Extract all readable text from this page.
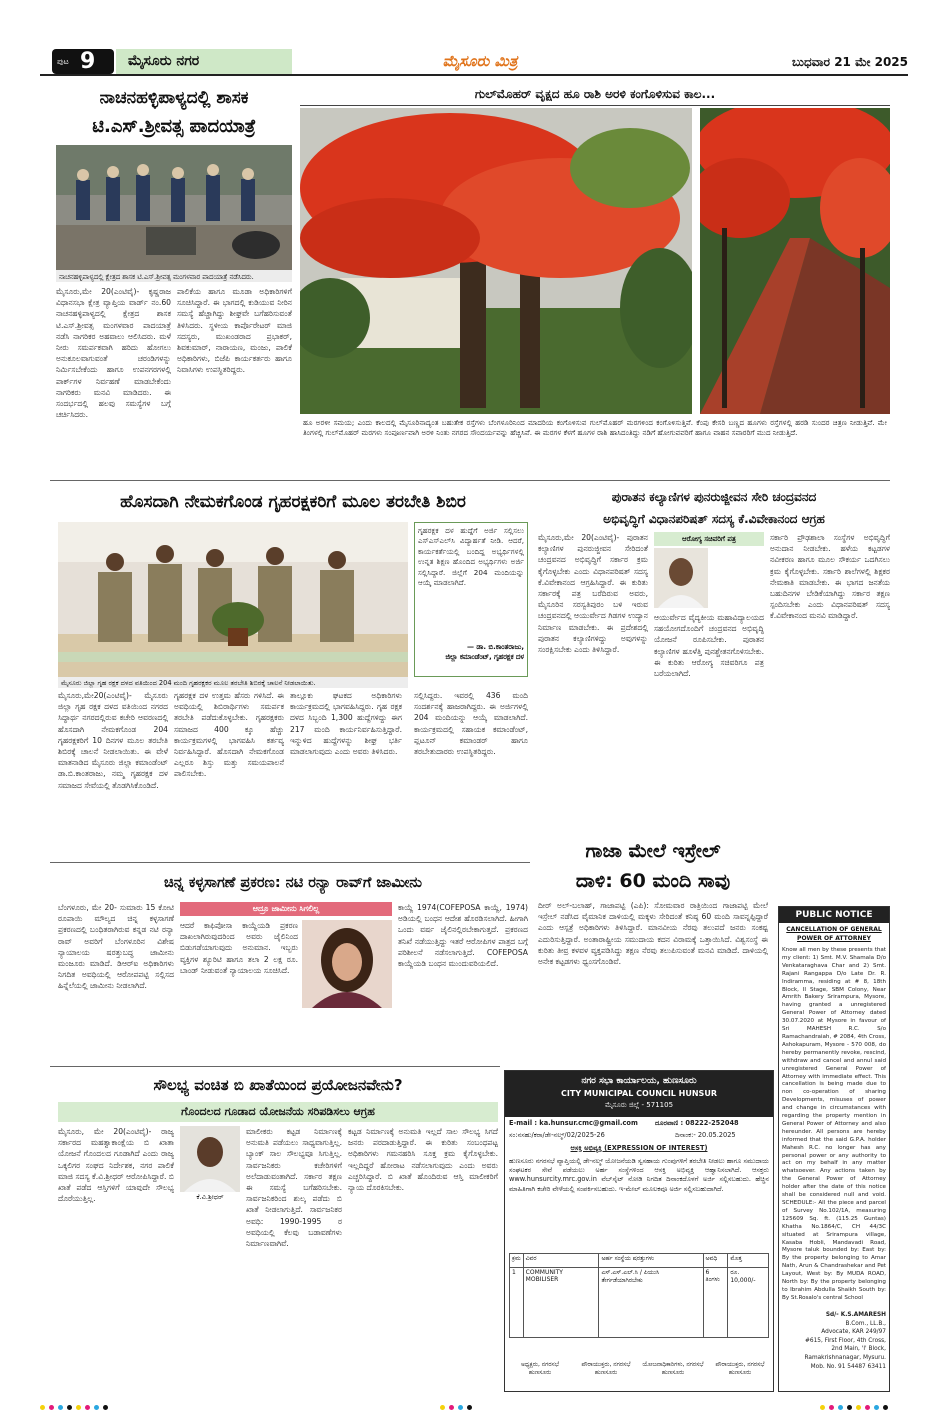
ಪುಟ 9	ಮೈಸೂರು ನಗರ	ಮೈಸೂರು ಮಿತ್ರ	ಬುಧವಾರ 21 ಮೇ 2025
ನಾಚನಹಳ್ಳಿಪಾಳ್ಯದಲ್ಲಿ ಶಾಸಕ
ಟಿ.ಎಸ್.ಶ್ರೀವತ್ಸ ಪಾದಯಾತ್ರೆ
ನಾಚನಹಳ್ಳಿಪಾಳ್ಯದಲ್ಲಿ ಕ್ಷೇತ್ರದ ಶಾಸಕ ಟಿ.ಎಸ್.ಶ್ರೀವತ್ಸ ಮಂಗಳವಾರ ಪಾದಯಾತ್ರೆ ನಡೆಸಿದರು.
ಮೈಸೂರು,ಮೇ 20(ಎಂಟಿವೈ)- ಕೃಷ್ಣರಾಜ ವಿಧಾನಸಭಾ ಕ್ಷೇತ್ರ ವ್ಯಾಪ್ತಿಯ ವಾರ್ಡ್ ನಂ.60 ನಾಚನಹಳ್ಳಿಪಾಳ್ಯದಲ್ಲಿ ಕ್ಷೇತ್ರದ ಶಾಸಕ ಟಿ.ಎಸ್.ಶ್ರೀವತ್ಸ ಮಂಗಳವಾರ ಪಾದಯಾತ್ರೆ ನಡೆಸಿ ನಾಗರಿಕರ ಅಹವಾಲು ಆಲಿಸಿದರು. ಮಳೆ ನೀರು ಸಮರ್ಪಕವಾಗಿ ಹರಿದು ಹೋಗಲು ಅನುಕೂಲವಾಗುವಂತೆ ಚರಂಡಿಗಳನ್ನು ನಿರ್ಮಿಸಬೇಕೆಂದು ಹಾಗೂ ಉಪನಗರಗಳಲ್ಲಿ ಪಾರ್ಕ್‌ಗಳ ನಿರ್ವಹಣೆ ಮಾಡಬೇಕೆಂದು ನಾಗರಿಕರು ಮನವಿ ಮಾಡಿದರು. ಈ ಸಂದರ್ಭದಲ್ಲಿ ಹಲವು ಸಮಸ್ಯೆಗಳ ಬಗ್ಗೆ ಚರ್ಚಿಸಿದರು.
ಪಾಲಿಕೆಯ ಹಾಗೂ ಮೂಡಾ ಅಧಿಕಾರಿಗಳಿಗೆ ಸೂಚಿಸಿದ್ದಾರೆ. ಈ ಭಾಗದಲ್ಲಿ ಕುಡಿಯುವ ನೀರಿನ ಸಮಸ್ಯೆ ಹೆಚ್ಚಾಗಿದ್ದು ಶೀಘ್ರವೇ ಬಗೆಹರಿಸುವಂತೆ ತಿಳಿಸಿದರು. ಸ್ಥಳೀಯ ಕಾರ್ಪೊರೇಟರ್ ಮಾಜಿ ಸದಸ್ಯರು, ಮುಖಂಡರಾದ ಪ್ರಭಾಕರ್, ಶಿವಕುಮಾರ್, ನಾರಾಯಣ, ಮಂಜು, ಪಾಲಿಕೆ ಅಧಿಕಾರಿಗಳು, ಬಿಜೆಪಿ ಕಾರ್ಯಕರ್ತರು ಹಾಗೂ ನಿವಾಸಿಗಳು ಉಪಸ್ಥಿತರಿದ್ದರು.
ಗುಲ್‌ಮೊಹರ್ ವೃಕ್ಷದ ಹೂ ರಾಶಿ ಅರಳಿ ಕಂಗೊಳಿಸುವ ಕಾಲ...
ಹೂ ಅರಳೀ ಸಮಯ; ಎಂದು ಕಾಲದಲ್ಲಿ ಮೈಸೂರಿನಾದ್ಯಂತ ಬಹುತೇಕ ರಸ್ತೆಗಳು ಬೆಂಗಳೂರಿನಿಂದ ಮಾದರಿಯ ಕಂಗೊಳಿಸುವ ಗುಲ್‌ಮೊಹರ್ ಮರಗಳಿಂದ ಕಂಗೊಳಿಸುತ್ತಿವೆ. ಕೆಂಪು ಕೇಸರಿ ಬಣ್ಣದ ಹೂಗಳು ರಸ್ತೆಗಳಲ್ಲಿ ಹರಡಿ ಸುಂದರ ಚಿತ್ರಣ ನೀಡುತ್ತಿವೆ. ಮೇ ತಿಂಗಳಲ್ಲಿ ಗುಲ್‌ಮೊಹರ್ ಮರಗಳು ಸಂಪೂರ್ಣವಾಗಿ ಅರಳಿ ನಿಂತು ನಗರದ ಸೌಂದರ್ಯವನ್ನು ಹೆಚ್ಚಿಸಿವೆ. ಈ ಮರಗಳ ಕೆಳಗೆ ಹೂಗಳ ರಾಶಿ ಹಾಸಿದಂತಿದ್ದು ನಡಿಗೆ ಹೋಗುವವರಿಗೆ ಹಾಗೂ ವಾಹನ ಸವಾರರಿಗೆ ಮುದ ನೀಡುತ್ತಿದೆ.
ಹೊಸದಾಗಿ ನೇಮಕಗೊಂಡ ಗೃಹರಕ್ಷಕರಿಗೆ ಮೂಲ ತರಬೇತಿ ಶಿಬಿರ
ಮೈಸೂರು ಜಿಲ್ಲಾ ಗೃಹ ರಕ್ಷಕ ದಳದ ವತಿಯಿಂದ 204 ಮಂದಿ ಗೃಹರಕ್ಷಕರ ಮೂಲ ತರಬೇತಿ ಶಿಬಿರಕ್ಕೆ ಚಾಲನೆ ನೀಡಲಾಯಿತು.
ಗೃಹರಕ್ಷಕ ದಳ ಹುದ್ದೆಗೆ ಅರ್ಜಿ ಸಲ್ಲಿಸಲು ಎಸ್‌ಎಸ್‌ಎಲ್‌ಸಿ ವಿದ್ಯಾರ್ಹತೆ ನೀಡಿ. ಆದರೆ, ಕಾರ್ಯಕರ್ತೆಯಲ್ಲಿ ಬಂದಿದ್ದ ಅಭ್ಯರ್ಥಿಗಳಲ್ಲಿ ಉನ್ನತ ಶಿಕ್ಷಣ ಹೊಂದಿದ ಅಭ್ಯರ್ಥಿಗಳು ಅರ್ಜಿ ಸಲ್ಲಿಸಿದ್ದಾರೆ. ಜಿಲ್ಲೆಗೆ 204 ಮಂದಿಯನ್ನು ಆಯ್ಕೆ ಮಾಡಲಾಗಿದೆ.
— ಡಾ. ಬಿ.ಕಾಂತರಾಜು,
ಜಿಲ್ಲಾ ಕಮಾಂಡೆಂಟ್, ಗೃಹರಕ್ಷಕ ದಳ
ಮೈಸೂರು,ಮೇ20(ಎಂಟಿವೈ)- ಮೈಸೂರು ಜಿಲ್ಲಾ ಗೃಹ ರಕ್ಷಕ ದಳದ ವತಿಯಿಂದ ನಗರದ ಸಿದ್ಧಾರ್ಥ ನಗರದಲ್ಲಿರುವ ಕಚೇರಿ ಆವರಣದಲ್ಲಿ ಹೊಸದಾಗಿ ನೇಮಕಗೊಂಡ 204 ಗೃಹರಕ್ಷಕರಿಗೆ 10 ದಿನಗಳ ಮೂಲ ತರಬೇತಿ ಶಿಬಿರಕ್ಕೆ ಚಾಲನೆ ನೀಡಲಾಯಿತು. ಈ ವೇಳೆ ಮಾತನಾಡಿದ ಮೈಸೂರು ಜಿಲ್ಲಾ ಕಮಾಂಡೆಂಟ್ ಡಾ.ಬಿ.ಕಾಂತರಾಜು, ನಮ್ಮ ಗೃಹರಕ್ಷಕ ದಳ ಸಮಾಜದ ಸೇವೆಯಲ್ಲಿ ತೊಡಗಿಸಿಕೊಂಡಿದೆ.
ಗೃಹರಕ್ಷಕ ದಳ ಉತ್ತಮ ಹೆಸರು ಗಳಿಸಿದೆ. ಈ ಅವಧಿಯಲ್ಲಿ ಶಿಬಿರಾರ್ಥಿಗಳು ಸಮರ್ಪಕ ತರಬೇತಿ ಪಡೆದುಕೊಳ್ಳಬೇಕು. ಗೃಹರಕ್ಷಕರು ಸಮಾಜದ 400 ಕ್ಕೂ ಹೆಚ್ಚು ಕಾರ್ಯಕ್ರಮಗಳಲ್ಲಿ ಭಾಗವಹಿಸಿ ಕರ್ತವ್ಯ ನಿರ್ವಹಿಸಿದ್ದಾರೆ. ಹೊಸದಾಗಿ ನೇಮಕಗೊಂಡ ಎಲ್ಲರೂ ಶಿಸ್ತು ಮತ್ತು ಸಮಯಪಾಲನೆ ಪಾಲಿಸಬೇಕು.
ತಾಲ್ಲೂಕು ಘಟಕದ ಅಧಿಕಾರಿಗಳು ಕಾರ್ಯಕ್ರಮದಲ್ಲಿ ಭಾಗವಹಿಸಿದ್ದರು. ಗೃಹ ರಕ್ಷಕ ದಳದ ಸಿಬ್ಬಂದಿ 1,300 ಹುದ್ದೆಗಳಿದ್ದು ಈಗ 217 ಮಂದಿ ಕಾರ್ಯನಿರ್ವಹಿಸುತ್ತಿದ್ದಾರೆ. ಇನ್ನುಳಿದ ಹುದ್ದೆಗಳನ್ನು ಶೀಘ್ರ ಭರ್ತಿ ಮಾಡಲಾಗುವುದು ಎಂದು ಅವರು ತಿಳಿಸಿದರು.
ಸಲ್ಲಿಸಿದ್ದರು. ಇವರಲ್ಲಿ 436 ಮಂದಿ ಸಂದರ್ಶನಕ್ಕೆ ಹಾಜರಾಗಿದ್ದರು. ಈ ಅರ್ಜಿಗಳಲ್ಲಿ 204 ಮಂದಿಯನ್ನು ಆಯ್ಕೆ ಮಾಡಲಾಗಿದೆ. ಕಾರ್ಯಕ್ರಮದಲ್ಲಿ ಸಹಾಯಕ ಕಮಾಂಡೆಂಟ್, ಪ್ಲಟೂನ್ ಕಮಾಂಡರ್ ಹಾಗೂ ತರಬೇತುದಾರರು ಉಪಸ್ಥಿತರಿದ್ದರು.
ಪುರಾತನ ಕಲ್ಯಾಣಿಗಳ ಪುನರುಜ್ಜೀವನ ಸೇರಿ ಚಂದ್ರವನದ
ಅಭಿವೃದ್ಧಿಗೆ ವಿಧಾನಪರಿಷತ್ ಸದಸ್ಯ ಕೆ.ವಿವೇಕಾನಂದ ಆಗ್ರಹ
ಮೈಸೂರು,ಮೇ 20(ಎಂಟಿವೈ)- ಪುರಾತನ ಕಲ್ಯಾಣಿಗಳ ಪುನರುಜ್ಜೀವನ ಸೇರಿದಂತೆ ಚಂದ್ರವನದ ಅಭಿವೃದ್ಧಿಗೆ ಸರ್ಕಾರ ಕ್ರಮ ಕೈಗೊಳ್ಳಬೇಕು ಎಂದು ವಿಧಾನಪರಿಷತ್ ಸದಸ್ಯ ಕೆ.ವಿವೇಕಾನಂದ ಆಗ್ರಹಿಸಿದ್ದಾರೆ. ಈ ಕುರಿತು ಸರ್ಕಾರಕ್ಕೆ ಪತ್ರ ಬರೆದಿರುವ ಅವರು, ಮೈಸೂರಿನ ಸರಸ್ವತಿಪುರಂ ಬಳಿ ಇರುವ ಚಂದ್ರವನದಲ್ಲಿ ಆಯುರ್ವೇದ ಗಿಡಗಳ ಉದ್ಯಾನ ನಿರ್ಮಾಣ ಮಾಡಬೇಕು. ಈ ಪ್ರದೇಶದಲ್ಲಿ ಪುರಾತನ ಕಲ್ಯಾಣಿಗಳಿದ್ದು ಅವುಗಳನ್ನು ಸಂರಕ್ಷಿಸಬೇಕು ಎಂದು ತಿಳಿಸಿದ್ದಾರೆ.
ಆರೋಗ್ಯ ಸಚಿವರಿಗೆ ಪತ್ರ
ಆಯುರ್ವೇದ ವೈದ್ಯಕೀಯ ಮಹಾವಿದ್ಯಾಲಯದ ಸಹಯೋಗದೊಂದಿಗೆ ಚಂದ್ರವನದ ಅಭಿವೃದ್ಧಿ ಯೋಜನೆ ರೂಪಿಸಬೇಕು. ಪುರಾತನ ಕಲ್ಯಾಣಿಗಳ ಹೂಳೆತ್ತಿ ಪುನಶ್ಚೇತನಗೊಳಿಸಬೇಕು. ಈ ಕುರಿತು ಆರೋಗ್ಯ ಸಚಿವರಿಗೂ ಪತ್ರ ಬರೆಯಲಾಗಿದೆ.
ಸರ್ಕಾರಿ ಪ್ರೌಢಶಾಲಾ ಸಂಸ್ಥೆಗಳ ಅಭಿವೃದ್ಧಿಗೆ ಅನುದಾನ ನೀಡಬೇಕು. ಹಳೆಯ ಕಟ್ಟಡಗಳ ನವೀಕರಣ ಹಾಗೂ ಮೂಲ ಸೌಕರ್ಯ ಒದಗಿಸಲು ಕ್ರಮ ಕೈಗೊಳ್ಳಬೇಕು. ಸರ್ಕಾರಿ ಶಾಲೆಗಳಲ್ಲಿ ಶಿಕ್ಷಕರ ನೇಮಕಾತಿ ಮಾಡಬೇಕು. ಈ ಭಾಗದ ಜನತೆಯ ಬಹುದಿನಗಳ ಬೇಡಿಕೆಯಾಗಿದ್ದು ಸರ್ಕಾರ ತಕ್ಷಣ ಸ್ಪಂದಿಸಬೇಕು ಎಂದು ವಿಧಾನಪರಿಷತ್ ಸದಸ್ಯ ಕೆ.ವಿವೇಕಾನಂದ ಮನವಿ ಮಾಡಿದ್ದಾರೆ.
ಗಾಜಾ ಮೇಲೆ ಇಸ್ರೇಲ್
ದಾಳಿ: 60 ಮಂದಿ ಸಾವು
ದೀರ್ ಅಲ್-ಬಲಾಹ್, ಗಾಜಾಪಟ್ಟಿ (ಎಪಿ): ಸೋಮವಾರ ರಾತ್ರಿಯಿಂದ ಗಾಜಾಪಟ್ಟಿ ಮೇಲೆ ಇಸ್ರೇಲ್ ನಡೆಸಿದ ವೈಮಾನಿಕ ದಾಳಿಯಲ್ಲಿ ಮಕ್ಕಳು ಸೇರಿದಂತೆ ಕನಿಷ್ಠ 60 ಮಂದಿ ಸಾವನ್ನಪ್ಪಿದ್ದಾರೆ ಎಂದು ಆಸ್ಪತ್ರೆ ಅಧಿಕಾರಿಗಳು ತಿಳಿಸಿದ್ದಾರೆ. ಮಾನವೀಯ ನೆರವು ತಲುಪದೆ ಜನರು ಸಂಕಷ್ಟ ಎದುರಿಸುತ್ತಿದ್ದಾರೆ. ಅಂತಾರಾಷ್ಟ್ರೀಯ ಸಮುದಾಯ ಕದನ ವಿರಾಮಕ್ಕೆ ಒತ್ತಾಯಿಸಿದೆ. ವಿಶ್ವಸಂಸ್ಥೆ ಈ ಕುರಿತು ತೀವ್ರ ಕಳವಳ ವ್ಯಕ್ತಪಡಿಸಿದ್ದು ತಕ್ಷಣ ನೆರವು ತಲುಪಿಸುವಂತೆ ಮನವಿ ಮಾಡಿದೆ. ದಾಳಿಯಲ್ಲಿ ಅನೇಕ ಕಟ್ಟಡಗಳು ಧ್ವಂಸಗೊಂಡಿವೆ.
ಚಿನ್ನ ಕಳ್ಳಸಾಗಣೆ ಪ್ರಕರಣ: ನಟಿ ರನ್ಯಾ ರಾವ್‌ಗೆ ಜಾಮೀನು
ಬೆಂಗಳೂರು, ಮೇ 20- ಸುಮಾರು 15 ಕೋಟಿ ರೂಪಾಯಿ ಮೌಲ್ಯದ ಚಿನ್ನ ಕಳ್ಳಸಾಗಣೆ ಪ್ರಕರಣದಲ್ಲಿ ಬಂಧಿತರಾಗಿರುವ ಕನ್ನಡ ನಟಿ ರನ್ಯಾ ರಾವ್ ಅವರಿಗೆ ಬೆಂಗಳೂರಿನ ವಿಶೇಷ ನ್ಯಾಯಾಲಯ ಷರತ್ತುಬದ್ಧ ಜಾಮೀನು ಮಂಜೂರು ಮಾಡಿದೆ. ಡಿಆರ್‌ಐ ಅಧಿಕಾರಿಗಳು ನಿಗದಿತ ಅವಧಿಯಲ್ಲಿ ಆರೋಪಪಟ್ಟಿ ಸಲ್ಲಿಸದ ಹಿನ್ನೆಲೆಯಲ್ಲಿ ಜಾಮೀನು ನೀಡಲಾಗಿದೆ.
ಆದ್ರೂ ಜಾಮೀನು ಸಿಗಲಿಲ್ಲ
ಆದರೆ ಕಾಫಿಪೋಸಾ ಕಾಯ್ದೆಯಡಿ ಪ್ರಕರಣ ದಾಖಲಾಗಿರುವುದರಿಂದ ಅವರು ಜೈಲಿನಿಂದ ಬಿಡುಗಡೆಯಾಗುವುದು ಅನುಮಾನ. ಇಬ್ಬರು ವ್ಯಕ್ತಿಗಳ ಶ್ಯೂರಿಟಿ ಹಾಗೂ ತಲಾ 2 ಲಕ್ಷ ರೂ. ಬಾಂಡ್ ನೀಡುವಂತೆ ನ್ಯಾಯಾಲಯ ಸೂಚಿಸಿದೆ.
ಕಾಯ್ದೆ 1974(COFEPOSA ಕಾಯ್ದೆ, 1974) ಅಡಿಯಲ್ಲಿ ಬಂಧನ ಆದೇಶ ಹೊರಡಿಸಲಾಗಿದೆ. ಹೀಗಾಗಿ ಒಂದು ವರ್ಷ ಜೈಲಿನಲ್ಲಿರಬೇಕಾಗುತ್ತದೆ. ಪ್ರಕರಣದ ತನಿಖೆ ನಡೆಯುತ್ತಿದ್ದು ಇತರೆ ಆರೋಪಿಗಳ ಪಾತ್ರದ ಬಗ್ಗೆ ಪರಿಶೀಲನೆ ನಡೆಸಲಾಗುತ್ತಿದೆ. COFEPOSA ಕಾಯ್ದೆಯಡಿ ಬಂಧನ ಮುಂದುವರಿಯಲಿದೆ.
ಸೌಲಭ್ಯ ವಂಚಿತ ಬಿ ಖಾತೆಯಿಂದ ಪ್ರಯೋಜನವೇನು?
ಗೊಂದಲದ ಗೂಡಾದ ಯೋಜನೆಯ ಸರಿಪಡಿಸಲು ಆಗ್ರಹ
ಮೈಸೂರು, ಮೇ 20(ಎಂಟಿವೈ)- ರಾಜ್ಯ ಸರ್ಕಾರದ ಮಹತ್ವಾಕಾಂಕ್ಷೆಯ ಬಿ ಖಾತಾ ಯೋಜನೆ ಗೊಂದಲದ ಗೂಡಾಗಿದೆ ಎಂದು ರಾಜ್ಯ ಒಕ್ಕಲಿಗರ ಸಂಘದ ನಿರ್ದೇಶಕ, ನಗರ ಪಾಲಿಕೆ ಮಾಜಿ ಸದಸ್ಯ ಕೆ.ವಿ.ಶ್ರೀಧರ್ ಆರೋಪಿಸಿದ್ದಾರೆ. ಬಿ ಖಾತೆ ಪಡೆದ ಆಸ್ತಿಗಳಿಗೆ ಯಾವುದೇ ಸೌಲಭ್ಯ ದೊರೆಯುತ್ತಿಲ್ಲ.	ಕೆ.ವಿ.ಶ್ರೀಧರ್
ಮಾಲೀಕರು ಕಟ್ಟಡ ನಿರ್ಮಾಣಕ್ಕೆ ಅನುಮತಿ ಪಡೆಯಲು ಸಾಧ್ಯವಾಗುತ್ತಿಲ್ಲ. ಬ್ಯಾಂಕ್ ಸಾಲ ಸೌಲಭ್ಯವೂ ಸಿಗುತ್ತಿಲ್ಲ. ಸಾರ್ವಜನಿಕರು ಕಚೇರಿಗಳಿಗೆ ಅಲೆದಾಡುವಂತಾಗಿದೆ. ಸರ್ಕಾರ ತಕ್ಷಣ ಈ ಸಮಸ್ಯೆ ಬಗೆಹರಿಸಬೇಕು. ಸಾರ್ವಜನಿಕರಿಂದ ಶುಲ್ಕ ಪಡೆದು ಬಿ ಖಾತೆ ನೀಡಲಾಗುತ್ತಿದೆ. ಸಾರ್ವಜನಿಕರ ಅವಧಿ: 1990-1995 ರ ಅವಧಿಯಲ್ಲಿ ಕೆಲವು ಬಡಾವಣೆಗಳು ನಿರ್ಮಾಣವಾಗಿವೆ.
ಕಟ್ಟಡ ನಿರ್ಮಾಣಕ್ಕೆ ಅನುಮತಿ ಇಲ್ಲದೆ ಸಾಲ ಸೌಲಭ್ಯ ಸಿಗದೆ ಜನರು ಪರದಾಡುತ್ತಿದ್ದಾರೆ. ಈ ಕುರಿತು ಸಂಬಂಧಪಟ್ಟ ಅಧಿಕಾರಿಗಳು ಗಮನಹರಿಸಿ ಸೂಕ್ತ ಕ್ರಮ ಕೈಗೊಳ್ಳಬೇಕು. ಇಲ್ಲದಿದ್ದರೆ ಹೋರಾಟ ನಡೆಸಲಾಗುವುದು ಎಂದು ಅವರು ಎಚ್ಚರಿಸಿದ್ದಾರೆ. ಬಿ ಖಾತೆ ಹೊಂದಿರುವ ಆಸ್ತಿ ಮಾಲೀಕರಿಗೆ ನ್ಯಾಯ ದೊರಕಿಸಬೇಕು.
ನಗರ ಸಭಾ ಕಾರ್ಯಾಲಯ, ಹುಣಸೂರು
CITY MUNICIPAL COUNCIL HUNSUR
ಮೈಸೂರು ಜಿಲ್ಲೆ - 571105
E-mail : ka.hunsur.cmc@gmail.com	ದೂರವಾಣಿ : 08222-252048
ಸಂ:ನಸಹು/ಕರಾ/ಡೇ-ನಲ್ಮ್/02/2025-26	ದಿನಾಂಕ:- 20.05.2025
ಆಸಕ್ತಿ ಅಭಿವ್ಯಕ್ತಿ (EXPRESSION OF INTEREST)
ಹುಣಸೂರು ನಗರಸಭೆ ವ್ಯಾಪ್ತಿಯಲ್ಲಿ ಡೇ-ನಲ್ಮ್ ಯೋಜನೆಯಡಿ ಸ್ವಸಹಾಯ ಗುಂಪುಗಳಿಗೆ ತರಬೇತಿ ನೀಡಲು ಹಾಗೂ ಸಮುದಾಯ ಸಂಘಟಕರ ಸೇವೆ ಪಡೆಯಲು ಅರ್ಹ ಸಂಸ್ಥೆಗಳಿಂದ ಆಸಕ್ತಿ ಅಭಿವ್ಯಕ್ತಿ ಆಹ್ವಾನಿಸಲಾಗಿದೆ. ಆಸಕ್ತರು www.hunsurcity.mrc.gov.in ವೆಬ್‌ಸೈಟ್ ನೋಡಿ ನಿಗದಿತ ದಿನಾಂಕದೊಳಗೆ ಅರ್ಜಿ ಸಲ್ಲಿಸಬಹುದು. ಹೆಚ್ಚಿನ ಮಾಹಿತಿಗಾಗಿ ಕಚೇರಿ ವೇಳೆಯಲ್ಲಿ ಸಂಪರ್ಕಿಸಬಹುದು. ಇ-ಮೇಲ್ ಮೂಲಕವೂ ಅರ್ಜಿ ಸಲ್ಲಿಸಬಹುದಾಗಿದೆ.
ಕ್ರಮ	ವಿವರ	ಅರ್ಹ ಸಂಸ್ಥೆಯ ಷರತ್ತುಗಳು	ಅವಧಿ	ಮೊತ್ತ
1	COMMUNITY MOBILISER	ಎಸ್.ಎಸ್.ಎಲ್.ಸಿ / ಪಿಯುಸಿ ತೇರ್ಗಡೆಯಾಗಿರಬೇಕು	6 ತಿಂಗಳು	ರೂ. 10,000/-
ಅಧ್ಯಕ್ಷರು, ನಗರಸಭೆ ಹುಣಸೂರು
ಪೌರಾಯುಕ್ತರು, ನಗರಸಭೆ ಹುಣಸೂರು
ಯೋಜನಾಧಿಕಾರಿಗಳು, ನಗರಸಭೆ ಹುಣಸೂರು
ಪೌರಾಯುಕ್ತರು, ನಗರಸಭೆ ಹುಣಸೂರು
PUBLIC NOTICE
CANCELLATION OF GENERAL POWER OF ATTORNEY
Know all men by these presents that my client: 1) Smt. M.V. Shamala D/o Venkataraghava Char and 2) Smt. Rajani Rangappa D/o Late Dr. R. Indiramma, residing at # 8, 18th Block, II Stage, SBM Colony, Near Amrith Bakery Srirampura, Mysore, having granted a unregistered General Power of Attorney dated 30.07.2020 at Mysore in favour of Sri MAHESH R.C. S/o Ramachandraiah, # 2084, 4th Cross, Ashokapuram, Mysore - 570 008, do hereby permanently revoke, rescind, withdraw and cancel and annul said unregistered General Power of Attorney with immediate effect. This cancellation is being made due to non co-operation of sharing Developments, misuses of power and change in circumstances with regarding the property mention in General Power of Attorney and also hereunder. All persons are hereby informed that the said G.P.A. holder Mahesh R.C. no longer has any personal power or any authority to act on my behalf in any matter whatsoever. Any actions taken by the General Power of Attorney holder after the date of this notice shall be considered null and void. SCHEDULE:- All the piece and parcel of Survey No.102/1A, measuring 125609 Sq. ft. (115.25 Guntas) Khatha No.1864/C, CH 44/3C situated at Srirampura village, Kasaba Hobli, Mandavadi Road, Mysore taluk bounded by: East by: By the property belonging to Amar Nath, Arun & Chandrashekar and Pet Layout, West by: By MUDA ROAD, North by: By the property belonging to Ibrahim Abdulla Shaikh South by: By St.Rosalo's central School
Sd/- K.S.AMARESH
B.Com., LL.B.,
Advocate, KAR 249/97
#615, First Floor, 4th Cross,
2nd Main, 'I' Block,
Ramakrishnanagar, Mysuru.
Mob. No. 91 54487 63411
